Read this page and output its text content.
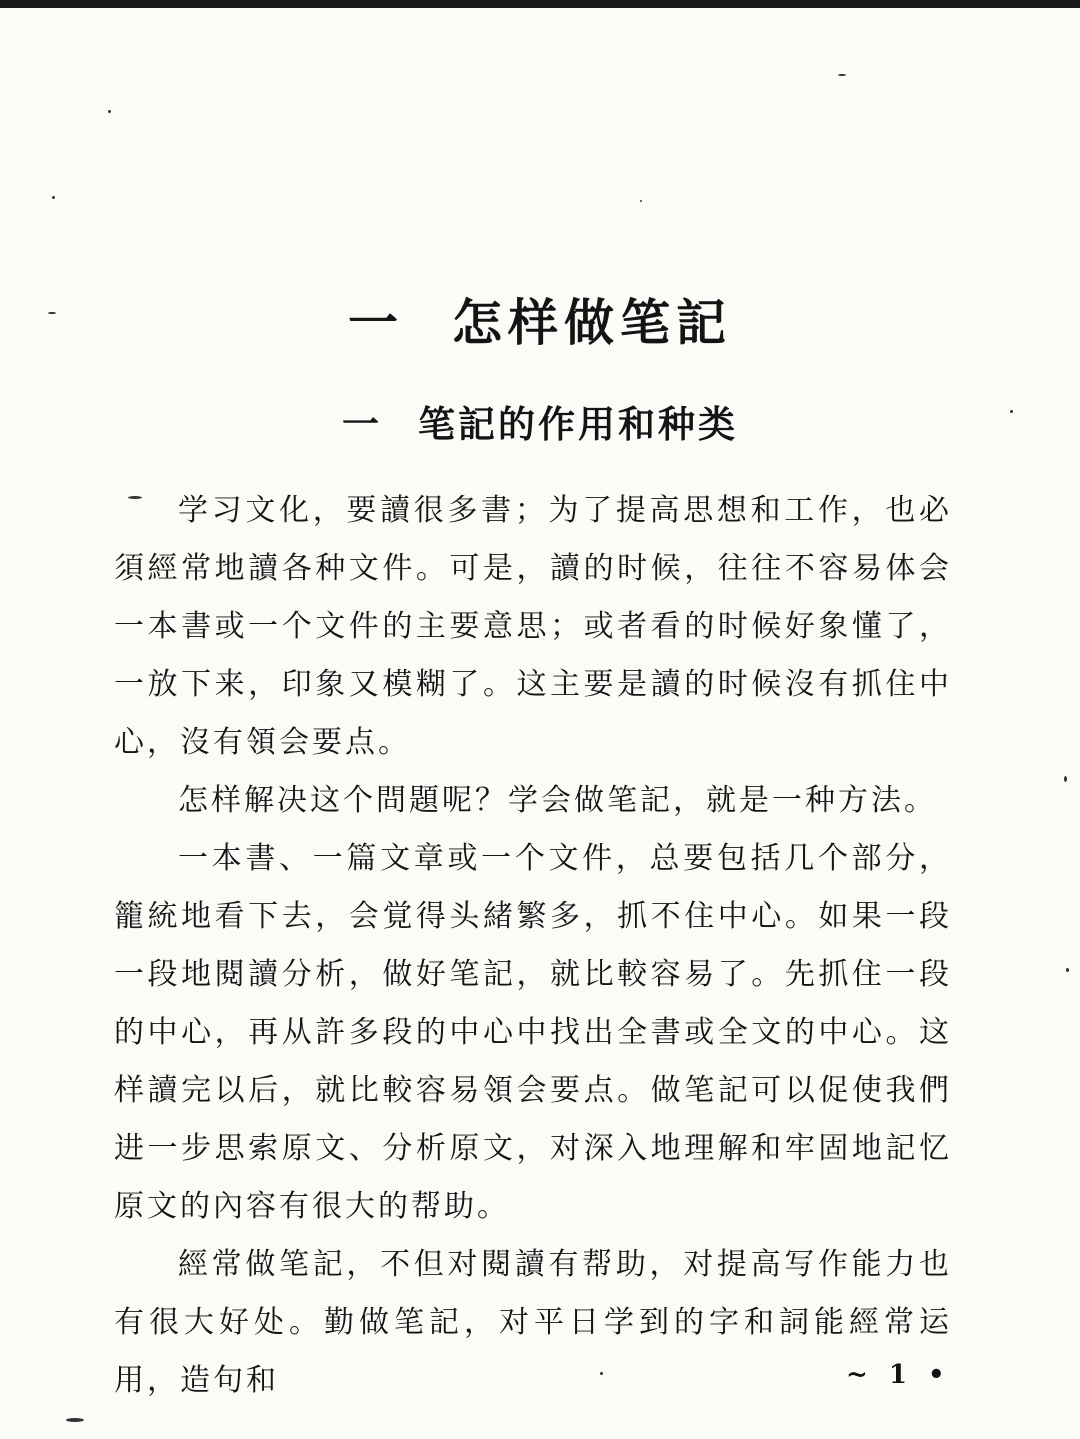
一 怎样做笔記
一 笔記的作用和种类

学习文化，要讀很多書；为了提高思想和工作，也必須經常地讀各种文件。可是，讀的时候，往往不容易体会一本書或一个文件的主要意思；或者看的时候好象懂了，一放下来，印象又模糊了。这主要是讀的时候沒有抓住中心，沒有領会要点。

怎样解决这个問題呢？学会做笔記，就是一种方法。

一本書、一篇文章或一个文件，总要包括几个部分，籠統地看下去，会覚得头緒繁多，抓不住中心。如果一段一段地閱讀分析，做好笔記，就比較容易了。先抓住一段的中心，再从許多段的中心中找出全書或全文的中心。这样讀完以后，就比較容易領会要点。做笔記可以促使我們进一步思索原文、分析原文，对深入地理解和牢固地記忆原文的內容有很大的帮助。

經常做笔記，不但对閱讀有帮助，对提高写作能力也有很大好处。勤做笔記，对平日学到的字和詞能經常运用，造句和	~ 1 •
